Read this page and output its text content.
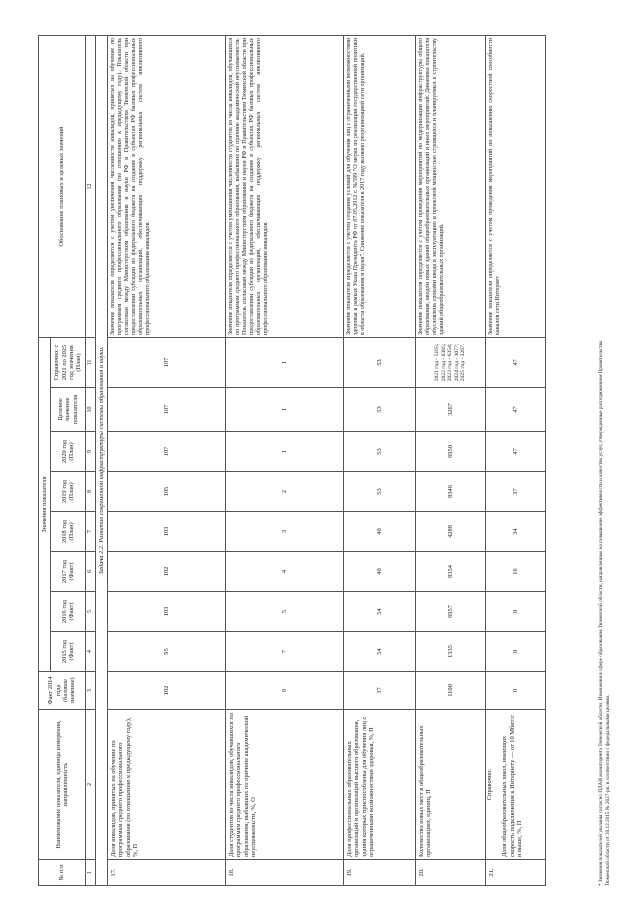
№ п/п	Наименование показателя, единица измерения, направленность	Факт 2014 года (базовое значение)	Значения показателя								Обоснование плановых и целевых значений
			2015 год (Факт)	2016 год (Факт)	2017 год (Факт)	2018 год (План)	2019 год (План)	2020 год (План)	Целевое значение показателя	Справочно: с 2021 по 2025 год значения (План)	
1	2	3	4	5	6	7	8	9	10	11	12
Задача 2.2. Развитие современной инфраструктуры системы образования и науки.											
17.	Доля инвалидов, принятых на обучение по программам среднего профессионального образования (по отношению к предыдущему году), %, П	102	95	103	102	103	105	107	107	107	Значение показателя определяется с учетом увеличения численности инвалидов, принятых на обучение по программам среднего профессионального образования (по отношению к предыдущему году). Показатель согласован между Министерством образования и науки РФ и Правительством Тюменской области при предоставлении субсидии из федерального бюджета на создание в субъектах РФ базовых профессиональных образовательных организаций, обеспечивающих поддержку региональных систем инклюзивного профессионального образования инвалидов.
18.	Доля студентов из числа инвалидов, обучавшихся по программам среднего профессионального образования, выбывших по причине академической неуспеваемости, %, О	9	7	5	4	3	2	1	1	1	Значение показателя определяется с учетом уменьшения численности студентов из числа инвалидов, обучавшихся по программам среднего профессионального образования, выбывших по причине академической неуспеваемости. Показатель согласован между Министерством образования и науки РФ и Правительством Тюменской области при предоставлении субсидии из федерального бюджета на создание в субъектах РФ базовых профессиональных образовательных организаций, обеспечивающих поддержку региональных систем инклюзивного профессионального образования инвалидов.
19.	Доля профессиональных образовательных организаций и организаций высшего образования, здания которых приспособлены для обучения лиц с ограниченными возможностями здоровья, %, П	37	54	54	40	40	53	53	53	53	Значение показателя определяется с учетом создания условий для обучения лиц с ограниченными возможностями здоровья в рамках Указа Президента РФ от 07.05.2012 г. №599 "О мерах по реализации государственной политики в области образования и науки". Снижение показателя в 2017 году вызвано реорганизацией сети организаций.
20.	Количество новых мест в общеобразовательных организациях, единиц, П	1100	1335	6957	8354	4288	8346	6950	3267	2021 год - 5165; 2022 год - 6385; 2023 год - 6354; 2024 год - 3077; 2025 год - 3267.	Значение показателя определяется с учетом проведения мероприятий по модернизации инфраструктуры общего образования, вводом новых зданий общеобразовательных организаций и иных мероприятий. Динамика показателя обусловлена сроками ввода в эксплуатацию и проектной мощностью строящихся и планируемых к строительству зданий общеобразовательных организаций.
21.	Справочно: Доля общеобразовательных школ, имеющих скорость подключения к Интернету — от 10 Мбит/с и выше, %, П	0	0	0	16	34	37	47	47	47	Значение показателя определяется с учетом проведения мероприятий по повышению скоростной способности каналов сети Интернет
* Значения показателей указаны согласно ПДАИ мониторинга Тюменской области. Изменения в сфере образования Тюменской области, направленные на повышение эффективности и качества услуг, утвержденные распоряжением Правительства Тюменской области от 30.12.2015 № 2627-рп, в соответствии с федеральными целями.
